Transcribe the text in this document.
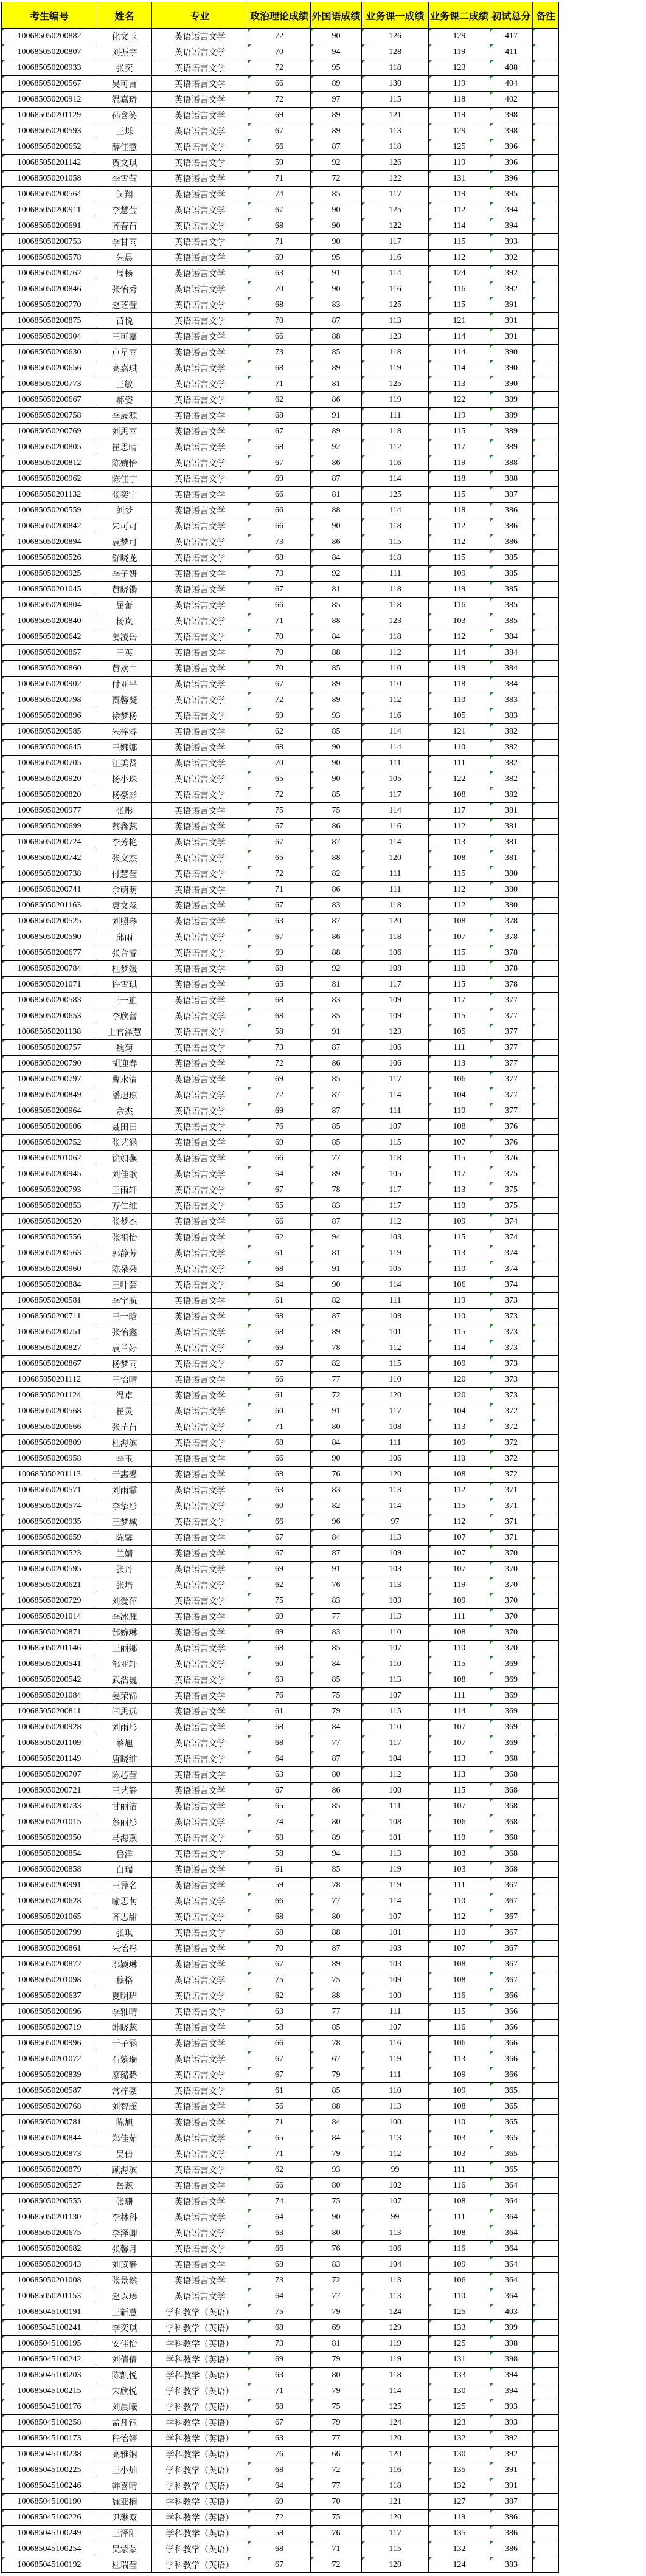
考生编号	姓名	专业	政治理论成绩	外国语成绩	业务课一成绩	业务课二成绩	初试总分	备注
100685050200882	化文玉	英语语言文学	72	90	126	129	417	
100685050200807	刘振宇	英语语言文学	70	94	128	119	411	
100685050200933	张奕	英语语言文学	72	95	118	123	408	
100685050200567	吴可言	英语语言文学	66	89	130	119	404	
100685050200912	温嘉琦	英语语言文学	72	97	115	118	402	
100685050201129	孙含笑	英语语言文学	69	89	121	119	398	
100685050200593	王烁	英语语言文学	67	89	113	129	398	
100685050200652	薛佳慧	英语语言文学	66	87	118	125	396	
100685050201142	贺文琪	英语语言文学	59	92	126	119	396	
100685050201058	李雪莹	英语语言文学	71	72	122	131	396	
100685050200564	闵翔	英语语言文学	74	85	117	119	395	
100685050200911	李慧莹	英语语言文学	67	90	125	112	394	
100685050200691	齐春苗	英语语言文学	68	90	122	114	394	
100685050200753	李甘雨	英语语言文学	71	90	117	115	393	
100685050200578	朱晨	英语语言文学	69	95	116	112	392	
100685050200762	周杨	英语语言文学	63	91	114	124	392	
100685050200846	张怡秀	英语语言文学	70	90	116	116	392	
100685050200770	赵芝萱	英语语言文学	68	83	125	115	391	
100685050200875	苗悦	英语语言文学	70	87	113	121	391	
100685050200904	王可嘉	英语语言文学	66	88	123	114	391	
100685050200630	卢星雨	英语语言文学	73	85	118	114	390	
100685050200656	高嘉琪	英语语言文学	68	89	119	114	390	
100685050200773	王敏	英语语言文学	71	81	125	113	390	
100685050200667	郝姿	英语语言文学	62	86	119	122	389	
100685050200758	李晟源	英语语言文学	68	91	111	119	389	
100685050200769	刘思雨	英语语言文学	67	89	118	115	389	
100685050200805	崔思晴	英语语言文学	68	92	112	117	389	
100685050200812	陈婉怡	英语语言文学	67	86	116	119	388	
100685050200962	陈佳宁	英语语言文学	69	87	114	118	388	
100685050201132	张奕宁	英语语言文学	66	81	125	115	387	
100685050200559	刘梦	英语语言文学	66	88	114	118	386	
100685050200842	朱可可	英语语言文学	66	90	118	112	386	
100685050200894	袁梦可	英语语言文学	73	86	115	112	386	
100685050200526	舒晓龙	英语语言文学	68	84	118	115	385	
100685050200925	李子妍	英语语言文学	73	92	111	109	385	
100685050201045	黄晓镯	英语语言文学	67	81	118	119	385	
100685050200804	屈蕾	英语语言文学	66	85	118	116	385	
100685050200840	杨岚	英语语言文学	71	88	123	103	385	
100685050200642	姜凌岳	英语语言文学	70	84	118	112	384	
100685050200857	王英	英语语言文学	70	88	112	114	384	
100685050200860	黄欢中	英语语言文学	70	85	110	119	384	
100685050200902	付亚平	英语语言文学	67	89	110	118	384	
100685050200798	贾馨凝	英语语言文学	72	89	112	110	383	
100685050200896	徐梦杨	英语语言文学	69	93	116	105	383	
100685050200585	朱梓睿	英语语言文学	62	85	114	121	382	
100685050200645	王娜娜	英语语言文学	68	90	114	110	382	
100685050200705	汪美贤	英语语言文学	70	90	111	111	382	
100685050200920	杨小珠	英语语言文学	65	90	105	122	382	
100685050200820	杨豪影	英语语言文学	72	85	117	108	382	
100685050200977	张彤	英语语言文学	75	75	114	117	381	
100685050200699	蔡鑫蕊	英语语言文学	67	86	116	112	381	
100685050200724	李芳艳	英语语言文学	67	87	114	113	381	
100685050200742	张文杰	英语语言文学	65	88	120	108	381	
100685050200738	付慧莹	英语语言文学	72	82	111	115	380	
100685050200741	佘萌萌	英语语言文学	71	86	111	112	380	
100685050201163	袁文淼	英语语言文学	67	83	118	112	380	
100685050200525	刘照琴	英语语言文学	63	87	120	108	378	
100685050200590	邱雨	英语语言文学	67	86	118	107	378	
100685050200677	张合睿	英语语言文学	69	88	106	115	378	
100685050200784	杜梦媛	英语语言文学	68	92	108	110	378	
100685050201071	许雪琪	英语语言文学	65	81	117	115	378	
100685050200583	王一迪	英语语言文学	68	83	109	117	377	
100685050200653	李欣蕾	英语语言文学	68	85	109	115	377	
100685050201138	上官泽慧	英语语言文学	58	91	123	105	377	
100685050200757	魏菊	英语语言文学	73	87	106	111	377	
100685050200790	胡迎春	英语语言文学	72	86	106	113	377	
100685050200797	曹水清	英语语言文学	69	85	117	106	377	
100685050200849	潘旭琼	英语语言文学	72	87	114	104	377	
100685050200964	佘杰	英语语言文学	69	87	111	110	377	
100685050200606	聂田田	英语语言文学	76	85	107	108	376	
100685050200752	张艺涵	英语语言文学	69	85	115	107	376	
100685050201062	徐如燕	英语语言文学	66	77	118	115	376	
100685050200945	刘佳歌	英语语言文学	64	89	105	117	375	
100685050200793	王雨轩	英语语言文学	67	78	117	113	375	
100685050200853	万仁维	英语语言文学	65	83	117	110	375	
100685050200520	张梦杰	英语语言文学	66	87	112	109	374	
100685050200556	张祖怡	英语语言文学	62	94	103	115	374	
100685050200563	郭静芳	英语语言文学	61	81	119	113	374	
100685050200960	陈朵朵	英语语言文学	68	91	105	110	374	
100685050200884	王叶芸	英语语言文学	64	90	114	106	374	
100685050200581	李宇航	英语语言文学	61	82	111	119	373	
100685050200711	王一晗	英语语言文学	68	87	108	110	373	
100685050200751	张怡鑫	英语语言文学	68	89	101	115	373	
100685050200827	袁兰婷	英语语言文学	69	78	112	114	373	
100685050200867	杨梦雨	英语语言文学	67	82	115	109	373	
100685050201112	王怡晴	英语语言文学	66	77	110	120	373	
100685050201124	温卓	英语语言文学	61	72	120	120	373	
100685050200568	崔灵	英语语言文学	60	91	117	104	372	
100685050200666	张苗苗	英语语言文学	71	80	108	113	372	
100685050200809	杜海滨	英语语言文学	68	84	111	109	372	
100685050200958	李玉	英语语言文学	66	90	106	110	372	
100685050201113	于惠馨	英语语言文学	68	76	120	108	372	
100685050200571	刘雨霏	英语语言文学	63	83	113	112	371	
100685050200574	李挚彤	英语语言文学	60	82	114	115	371	
100685050200935	王梦城	英语语言文学	66	96	97	112	371	
100685050200659	陈馨	英语语言文学	67	84	113	107	371	
100685050200523	兰婧	英语语言文学	67	87	109	107	370	
100685050200595	张丹	英语语言文学	69	91	103	107	370	
100685050200621	张培	英语语言文学	62	76	113	119	370	
100685050200729	刘爱萍	英语语言文学	75	83	103	109	370	
100685050201014	李冰雁	英语语言文学	69	77	113	111	370	
100685050200871	郜婉琳	英语语言文学	69	83	110	108	370	
100685050201146	王丽娜	英语语言文学	68	85	107	110	370	
100685050200541	邹亚轩	英语语言文学	60	84	110	115	369	
100685050200542	武浩巍	英语语言文学	63	85	113	108	369	
100685050201084	姜荣锦	英语语言文学	76	75	107	111	369	
100685050200811	闫思远	英语语言文学	61	79	115	114	369	
100685050200928	刘雨彤	英语语言文学	68	84	110	107	369	
100685050201109	蔡旭	英语语言文学	68	77	117	107	369	
100685050201149	唐晓维	英语语言文学	64	87	104	113	368	
100685050200707	陈芯莹	英语语言文学	63	80	112	113	368	
100685050200721	王艺静	英语语言文学	67	86	100	115	368	
100685050200733	甘丽洁	英语语言文学	65	85	111	107	368	
100685050201015	蔡丽彤	英语语言文学	74	80	108	106	368	
100685050200950	马海燕	英语语言文学	68	89	101	110	368	
100685050200854	鲁洋	英语语言文学	58	94	113	103	368	
100685050200858	白瑞	英语语言文学	61	85	119	103	368	
100685050200991	王异名	英语语言文学	59	78	119	111	367	
100685050200628	喻思萌	英语语言文学	66	77	114	110	367	
100685050201065	齐思甜	英语语言文学	68	80	107	112	367	
100685050200799	张琪	英语语言文学	68	88	101	110	367	
100685050200861	朱怡彤	英语语言文学	70	87	103	107	367	
100685050200872	邬颖琳	英语语言文学	67	89	103	108	367	
100685050201098	穆格	英语语言文学	75	75	109	108	367	
100685050200637	夏明珺	英语语言文学	62	88	100	116	366	
100685050200696	李雅晴	英语语言文学	63	77	111	115	366	
100685050200719	韩晓蕊	英语语言文学	58	85	107	116	366	
100685050200996	于子涵	英语语言文学	66	78	116	106	366	
100685050201072	石紫瑞	英语语言文学	67	67	119	113	366	
100685050200839	廖璐璐	英语语言文学	67	79	111	109	366	
100685050200587	常梓豪	英语语言文学	61	85	110	109	365	
100685050200768	刘智超	英语语言文学	56	88	113	108	365	
100685050200781	陈旭	英语语言文学	71	84	100	110	365	
100685050200844	郑佳茹	英语语言文学	65	84	113	103	365	
100685050200873	吴倩	英语语言文学	71	79	112	103	365	
100685050200879	顾海滨	英语语言文学	62	93	99	111	365	
100685050200527	岳蕊	英语语言文学	66	80	102	116	364	
100685050200555	张珊	英语语言文学	74	75	107	108	364	
100685050201130	李林科	英语语言文学	64	90	99	111	364	
100685050200675	李泽卿	英语语言文学	63	80	113	108	364	
100685050200682	张馨月	英语语言文学	66	76	106	116	364	
100685050200943	刘苡静	英语语言文学	68	83	104	109	364	
100685050201008	张景然	英语语言文学	73	72	113	106	364	
100685050201153	赵以瑧	英语语言文学	64	77	113	110	364	
100685045100191	王新慧	学科教学（英语）	75	79	124	125	403	
100685045100241	李奕琪	学科教学（英语）	68	69	129	133	399	
100685045100195	安佳怡	学科教学（英语）	73	81	119	125	398	
100685045100242	刘倩倩	学科教学（英语）	69	79	119	131	398	
100685045100203	陈凯悦	学科教学（英语）	63	80	118	133	394	
100685045100215	宋欣悦	学科教学（英语）	71	79	114	130	394	
100685045100176	刘晨曦	学科教学（英语）	68	75	125	125	393	
100685045100258	孟凡钰	学科教学（英语）	67	79	124	123	393	
100685045100173	程怡婷	学科教学（英语）	63	77	120	132	392	
100685045100238	高雅娴	学科教学（英语）	76	66	120	130	392	
100685045100225	王小灿	学科教学（英语）	68	72	116	135	391	
100685045100246	韩喜晴	学科教学（英语）	64	77	118	132	391	
100685045100190	魏亚楠	学科教学（英语）	69	70	121	127	387	
100685045100226	尹琳双	学科教学（英语）	72	75	120	119	386	
100685045100249	王泽阳	学科教学（英语）	58	76	117	135	386	
100685045100254	吴蒙蒙	学科教学（英语）	68	71	115	132	386	
100685045100192	杜瑞莹	学科教学（英语）	67	72	120	124	383	
